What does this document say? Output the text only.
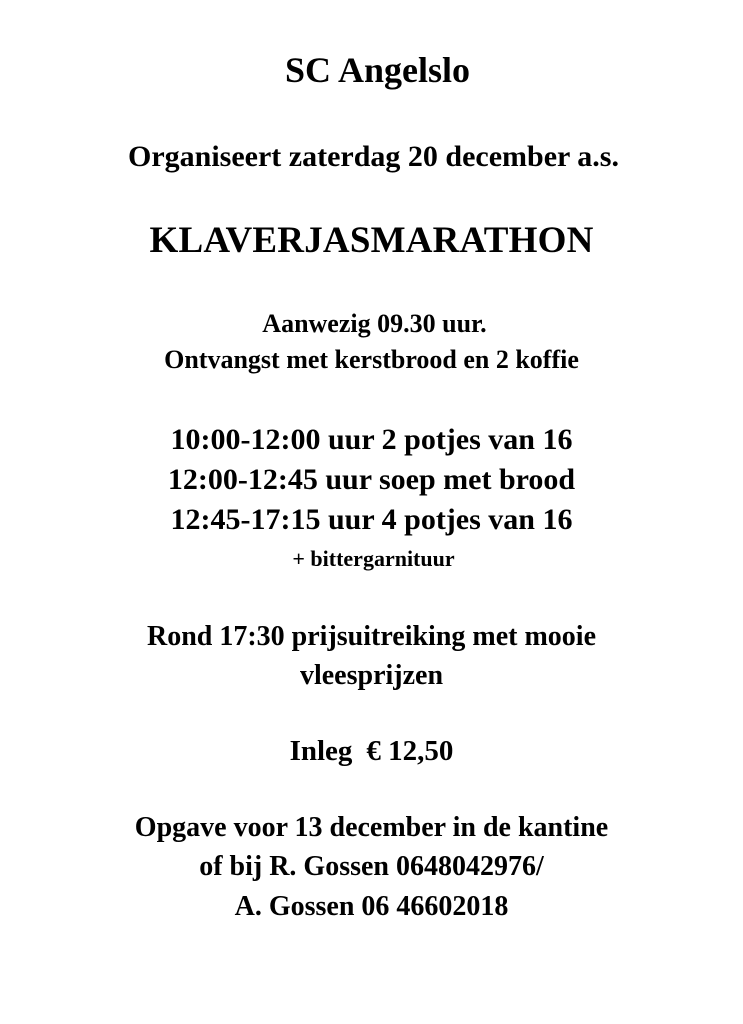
SC Angelslo
Organiseert zaterdag 20 december a.s.
KLAVERJASMARATHON
Aanwezig 09.30 uur.
Ontvangst met kerstbrood en 2 koffie
10:00-12:00 uur 2 potjes van 16
12:00-12:45 uur soep met brood
12:45-17:15 uur 4 potjes van 16
+ bittergarnituur
Rond 17:30 prijsuitreiking met mooie
vleesprijzen
Inleg € 12,50
Opgave voor 13 december in de kantine
of bij R. Gossen 0648042976/
A. Gossen 06 46602018
